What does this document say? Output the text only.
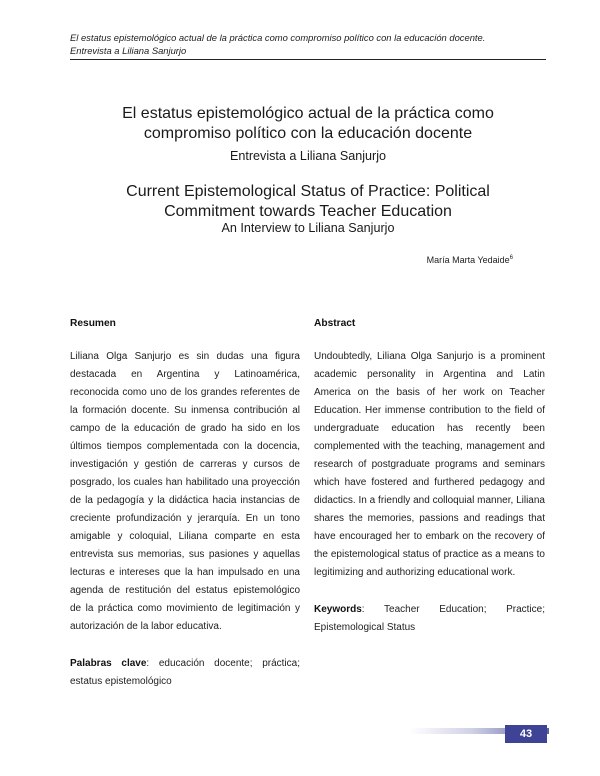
El estatus epistemológico actual de la práctica como compromiso político con la educación docente.
Entrevista a Liliana Sanjurjo
El estatus epistemológico actual de la práctica como
compromiso político con la educación docente
Entrevista a Liliana Sanjurjo
Current Epistemological Status of Practice: Political
Commitment towards Teacher Education
An Interview to Liliana Sanjurjo
María Marta Yedaide$^6$
Resumen	Abstract

Liliana Olga Sanjurjo es sin dudas una figura destacada en Argentina y Latinoamérica, reconocida como uno de los grandes referentes de la formación docente. Su inmensa contribución al campo de la educación de grado ha sido en los últimos tiempos complementada con la docencia, investigación y gestión de carreras y cursos de posgrado, los cuales han habilitado una proyección de la pedagogía y la didáctica hacia instancias de creciente profundización y jerarquía. En un tono amigable y coloquial, Liliana comparte en esta entrevista sus memorias, sus pasiones y aquellas lecturas e intereses que la han impulsado en una agenda de restitución del estatus epistemológico de la práctica como movimiento de legitimación y autorización de la labor educativa.

Palabras clave: educación docente; práctica; estatus epistemológico

Undoubtedly, Liliana Olga Sanjurjo is a prominent academic personality in Argentina and Latin America on the basis of her work on Teacher Education. Her immense contribution to the field of undergraduate education has recently been complemented with the teaching, management and research of postgraduate programs and seminars which have fostered and furthered pedagogy and didactics. In a friendly and colloquial manner, Liliana shares the memories, passions and readings that have encouraged her to embark on the recovery of the epistemological status of practice as a means to legitimizing and authorizing educational work.

Keywords: Teacher Education; Practice; Epistemological Status

43
